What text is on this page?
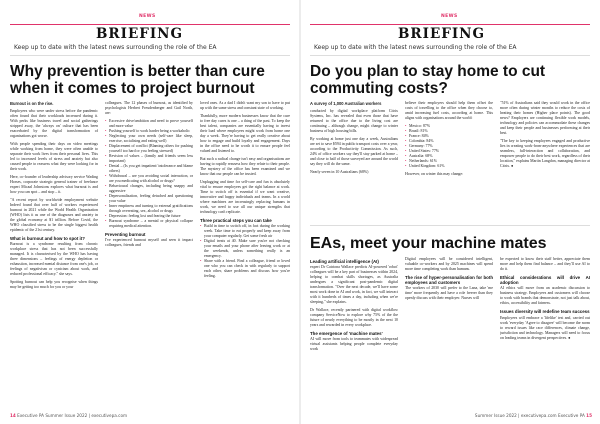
NEWS
BRIEFING
Keep up to date with the latest news surrounding the role of the EA
Why prevention is better than cure when it comes to project burnout

Burnout is on the rise.

Employees who were under stress before the pandemic often found that their workloads increased during it. With perks like business travel and social gatherings stripped away, the 'always on' culture that has been exacerbated by the digital transformation of organisations got worse.

With people spending their days on video meetings while working from home, they were often unable to separate their work lives from their personal lives. This led to increased levels of stress and anxiety but also caused people to reassess what they were looking for in their work.

Here, co-founder of leadership advisory service Wading Horses, corporate strategic general trainer of freelance expert Micaal Johnstons explores what burnout is and how you can spot – and stop – it.

"A recent report by worldwide employment website Indeed found that over half of workers experienced burnout in 2021 while the World Health Organisation (WHO) lists it as one of the diagnoses and anxiety in the global economy at $1 trillion. Before Covid, the WHO classified stress to be the single biggest health epidemic of the 21st century.

What is burnout and how to spot it?

Burnout is a syndrome resulting from chronic workplace stress that has not been successfully managed. It is characterised by the WHO has having three dimensions – feelings of energy depletion or exhaustion, increased mental distance from one's job, or feelings of negativism or cynicism about work, and reduced professional efficacy." she says.

Spotting burnout can help you recognise when things may be getting too much for you or your

colleagues. The 12 phases of burnout, as identified by psychologists Herbert Freudenberger and Gail North, are:

• Excessive drive/ambition and need to prove yourself and more value
• Pushing yourself to work harder being a workaholic
• Neglecting your own needs (self-care like sleep, exercise, socialising and eating well)
• Displacement of conflict (Blaming others for pushing yourself too hard or you feeling stressed)
• Revision of values – (family and friends seem less important)
• Denial – (Is you get impatient/ intolerance and blame others)
• Withdrawal – are you avoiding social interaction, or are you medicating with alcohol or drugs?
• Behavioural changes, including being snappy and aggressive
• Depersonalisation, feeling detached and questioning your value
• Inner emptiness and turning to external gratifications through overeating, sex, alcohol or drugs
• Depression: feeling lost and fearing the future
• Burnout syndrome – a mental or physical collapse requiring medical attention.
Preventing burnout

I've experienced burnout myself and seen it impact colleagues, friends and

loved ones. As a dad I didn't want my son to have to put up with the same stress and constant state of working.

Thankfully, more modern businesses know that the cure to free day cures is one – a thing of the past. To keep the best talent, companies are essentially having to invest their load where employees might work from home one day a week. They're having to get really creative about how to engage and build loyalty and engagement. Days in the office need to be worth it to ensure people feel valued and listened to.

But such a radical change isn't easy and organisations are having to rapidly reassess how they relate to their people. The mystery of the office has been examined and we know that our people can be trusted.

Unplugging and time for self-care and fun is absolutely vital to ensure employees get the right balance at work. Time to switch off is essential if we want creative, innovative and happy individuals and teams. In a world where machines are increasingly replacing humans in work, we need to use all our unique strengths that technology can't replicate.

Three practical steps you can take
• Build in time to switch off, in fact during the working week. Take time to eat properly and keep away from your computer regularly. Get some fresh air
• Digital treats at 40. Make sure you're not checking your emails and your phone after leaving work or at the weekends, unless something really is an emergency.
• Share with a friend. Find a colleague, friend or loved one who you can check in with regularly to support each other, share problems and discuss how you're feeling.
14 Executive PA Summer Issue 2022 | executivepa.com
NEWS
BRIEFING
Keep up to date with the latest news surrounding the role of the EA
Do you plan to stay home to cut commuting costs?

A survey of 1,000 Australian workers

conducted by digital workplace platform Citrix Systems, Inc. has revealed that even those that have returned to the office due to the living cost are continuing – although change, might change to winter business of high housing bills.

By working at home just one day a week, Australians are set to save $594 in public transport costs over a year, according to the Productivity Commission. As such, 24% of office workers say they'll stay parked at home – and close to half of those surveyed are around the world say they will do the same.

Nearly seven in 10 Australians (68%)

believe their employers should help them offset the costs of travelling to the office when they choose to, amid increasing fuel costs, according at home. This aligns with organisations around the world:

• Mexico: 87%
• Brazil: 81%
• France: 84%
• Colombia: 84%
• Germany: 77%
• United States: 77%
• Australia: 68%
• Netherlands: 61%
• United Kingdom: 61%

However, on winter this may change:

"51% of Australians said they would work in the office more often during winter months to reduce the costs of heating their homes (Higher place points). The good news? Employers are continuing flexible work models, technology and policies can accommodate these changes and keep their people and businesses performing at their best.

"The key to keeping employees engaged and productive lies in creating work-from-anywhere experiences that are seamless, full-interaction and collaboration, and empower people to do their best work, regardless of their location," explains Martin Langdon, managing director at Citrix. ●

EAs, meet your machine mates
Leading artificial intelligence (AI)

expert Dr Catriona Wallace predicts AI-powered 'robot' colleagues will be a key part of businesses within 2024, helping to combat skills shortages, as Australia undergoes a significant post-pandemic digital transformation. "Over the next decade, we'll have some most work done in AI and work, in fact, we will interact with it hundreds of times a day, including when we're sleeping," she explains.

Dr Wallace, recently partnered with digital workflow company ServiceNow to explore why 75% of the the future of nearly everything to be mostly in the next 10 years and rewarded in every workplace.

The emergence of 'machine mates'

AI will move from tools to teammates with widespread virtual assistants helping people complete everyday work

Digital employees will be considered intelligent, valuable co-workers and by 2025 machines will spend more time completing work than humans.

The rise of hyper-personalisation for both employees and customers

The workers of 2030 will prefer to the Lana, take 'me time' more frequently and have a role freerer than they openly discuss with their employer. Nurses will

be expected to know their staff better, appreciate them more and help them find balance – and they'll use AI to do it.

Ethical considerations will drive AI adoption

AI ethics will move from an academic discussion to business strategy. Employees and customers will choose to work with brands that demonstrate, not just talk about, ethics, accessibility and fairness.

Issues diversity will redefine team success

Employees will embrace a 'lifelike' test and, carried out work 'everyday 'Agree to disagree' will become the norm to reward issues like race differences, climate change, jurisdiction and technology. Managers will need to focus on leading teams in divergent perspectives. ●

Summer Issue 2022 | executivepa.com Executive PA 15
